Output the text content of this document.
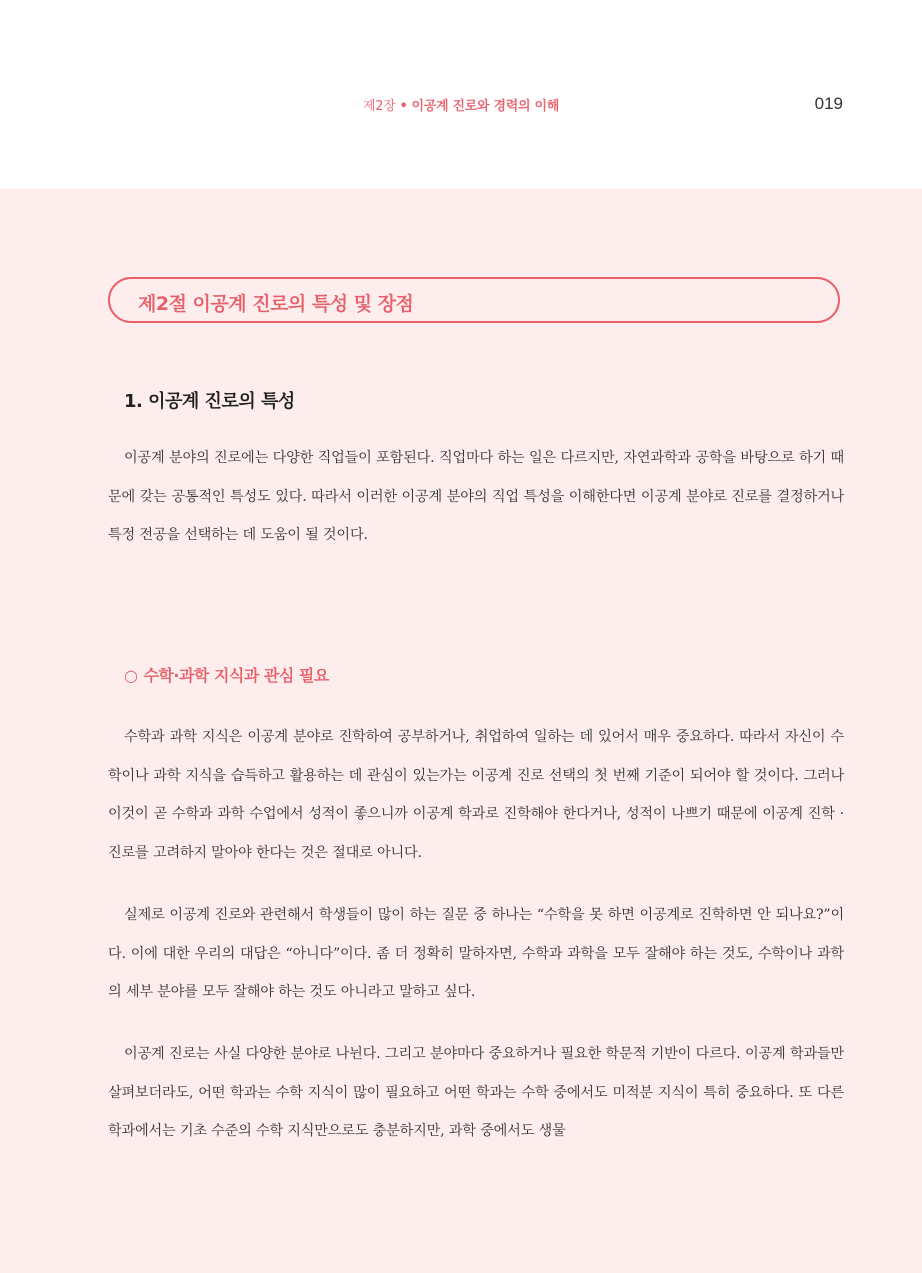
제2장 • 이공계 진로와 경력의 이해	019
제2절 이공계 진로의 특성 및 장점
1. 이공계 진로의 특성

이공계 분야의 진로에는 다양한 직업들이 포함된다. 직업마다 하는 일은 다르지만, 자연과학과 공학을 바탕으로 하기 때문에 갖는 공통적인 특성도 있다. 따라서 이러한 이공계 분야의 직업 특성을 이해한다면 이공계 분야로 진로를 결정하거나 특정 전공을 선택하는 데 도움이 될 것이다.

○ 수학·과학 지식과 관심 필요

수학과 과학 지식은 이공계 분야로 진학하여 공부하거나, 취업하여 일하는 데 있어서 매우 중요하다. 따라서 자신이 수학이나 과학 지식을 습득하고 활용하는 데 관심이 있는가는 이공계 진로 선택의 첫 번째 기준이 되어야 할 것이다. 그러나 이것이 곧 수학과 과학 수업에서 성적이 좋으니까 이공계 학과로 진학해야 한다거나, 성적이 나쁘기 때문에 이공계 진학 · 진로를 고려하지 말아야 한다는 것은 절대로 아니다.

실제로 이공계 진로와 관련해서 학생들이 많이 하는 질문 중 하나는 “수학을 못 하면 이공계로 진학하면 안 되나요?”이다. 이에 대한 우리의 대답은 “아니다”이다. 좀 더 정확히 말하자면, 수학과 과학을 모두 잘해야 하는 것도, 수학이나 과학의 세부 분야를 모두 잘해야 하는 것도 아니라고 말하고 싶다.

이공계 진로는 사실 다양한 분야로 나뉜다. 그리고 분야마다 중요하거나 필요한 학문적 기반이 다르다. 이공계 학과들만 살펴보더라도, 어떤 학과는 수학 지식이 많이 필요하고 어떤 학과는 수학 중에서도 미적분 지식이 특히 중요하다. 또 다른 학과에서는 기초 수준의 수학 지식만으로도 충분하지만, 과학 중에서도 생물
